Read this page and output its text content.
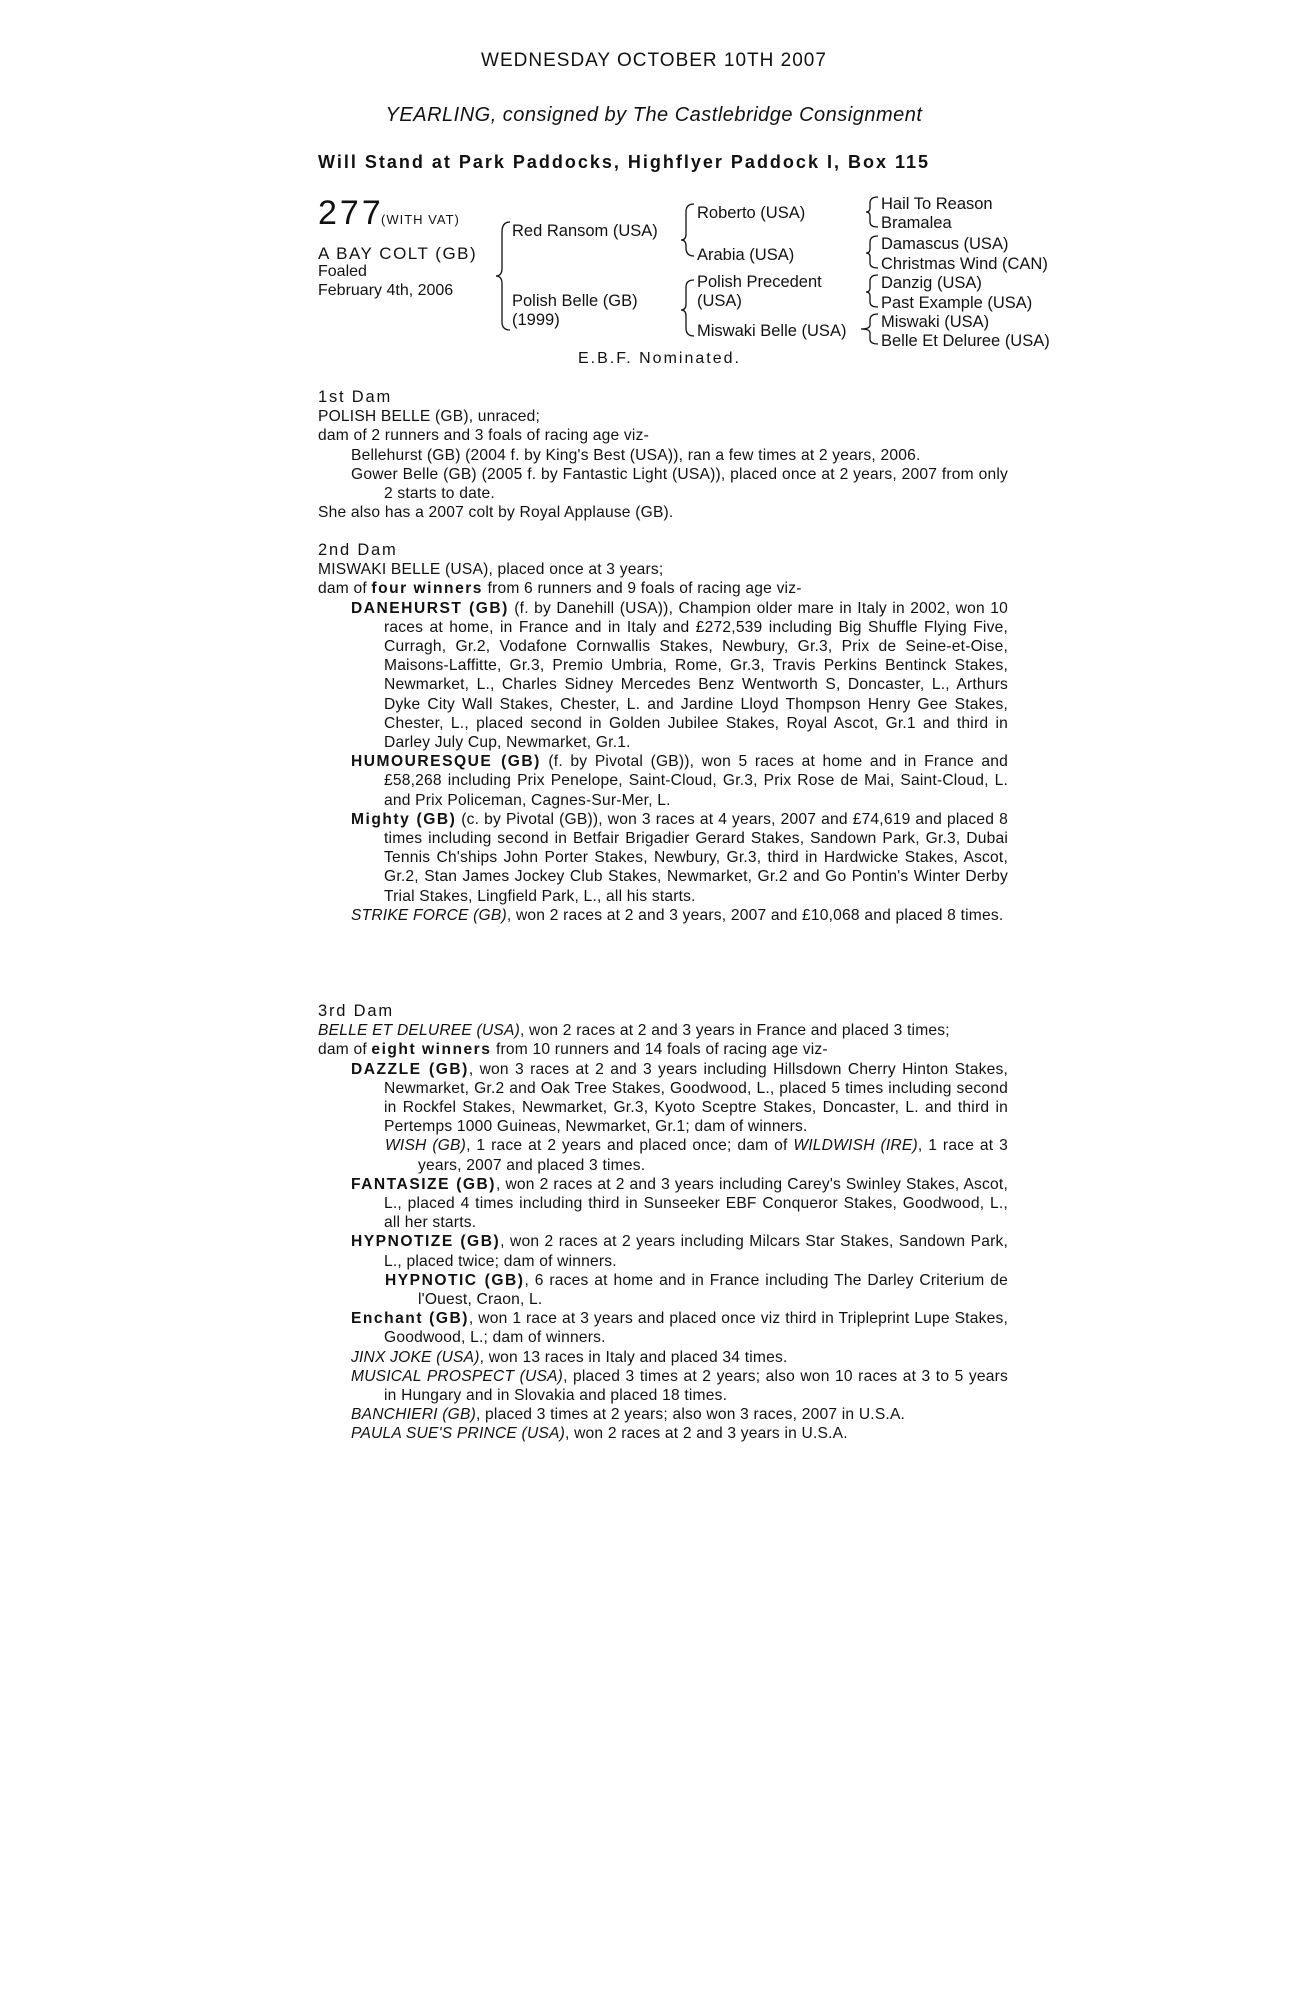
WEDNESDAY OCTOBER 10TH 2007
YEARLING, consigned by The Castlebridge Consignment
Will Stand at Park Paddocks, Highflyer Paddock I, Box 115
277
(WITH VAT)
A BAY COLT (GB)
Foaled
February 4th, 2006
Red Ransom (USA)
Polish Belle (GB)
(1999)
Roberto (USA)
Arabia (USA)
Polish Precedent
(USA)
Miswaki Belle (USA)
Hail To Reason
Bramalea
Damascus (USA)
Christmas Wind (CAN)
Danzig (USA)
Past Example (USA)
Miswaki (USA)
Belle Et Deluree (USA)
E.B.F. Nominated.

1st Dam

POLISH BELLE (GB), unraced;

dam of 2 runners and 3 foals of racing age viz-

Bellehurst (GB) (2004 f. by King's Best (USA)), ran a few times at 2 years, 2006.

Gower Belle (GB) (2005 f. by Fantastic Light (USA)), placed once at 2 years, 2007 from only 2 starts to date.

She also has a 2007 colt by Royal Applause (GB).

2nd Dam

MISWAKI BELLE (USA), placed once at 3 years;

dam of four winners from 6 runners and 9 foals of racing age viz-

DANEHURST (GB) (f. by Danehill (USA)), Champion older mare in Italy in 2002, won 10 races at home, in France and in Italy and £272,539 including Big Shuffle Flying Five, Curragh, Gr.2, Vodafone Cornwallis Stakes, Newbury, Gr.3, Prix de Seine-et-Oise, Maisons-Laffitte, Gr.3, Premio Umbria, Rome, Gr.3, Travis Perkins Bentinck Stakes, Newmarket, L., Charles Sidney Mercedes Benz Wentworth S, Doncaster, L., Arthurs Dyke City Wall Stakes, Chester, L. and Jardine Lloyd Thompson Henry Gee Stakes, Chester, L., placed second in Golden Jubilee Stakes, Royal Ascot, Gr.1 and third in Darley July Cup, Newmarket, Gr.1.

HUMOURESQUE (GB) (f. by Pivotal (GB)), won 5 races at home and in France and £58,268 including Prix Penelope, Saint-Cloud, Gr.3, Prix Rose de Mai, Saint-Cloud, L. and Prix Policeman, Cagnes-Sur-Mer, L.

Mighty (GB) (c. by Pivotal (GB)), won 3 races at 4 years, 2007 and £74,619 and placed 8 times including second in Betfair Brigadier Gerard Stakes, Sandown Park, Gr.3, Dubai Tennis Ch'ships John Porter Stakes, Newbury, Gr.3, third in Hardwicke Stakes, Ascot, Gr.2, Stan James Jockey Club Stakes, Newmarket, Gr.2 and Go Pontin's Winter Derby Trial Stakes, Lingfield Park, L., all his starts.

STRIKE FORCE (GB), won 2 races at 2 and 3 years, 2007 and £10,068 and placed 8 times.

3rd Dam

BELLE ET DELUREE (USA), won 2 races at 2 and 3 years in France and placed 3 times;

dam of eight winners from 10 runners and 14 foals of racing age viz-

DAZZLE (GB), won 3 races at 2 and 3 years including Hillsdown Cherry Hinton Stakes, Newmarket, Gr.2 and Oak Tree Stakes, Goodwood, L., placed 5 times including second in Rockfel Stakes, Newmarket, Gr.3, Kyoto Sceptre Stakes, Doncaster, L. and third in Pertemps 1000 Guineas, Newmarket, Gr.1; dam of winners.

WISH (GB), 1 race at 2 years and placed once; dam of WILDWISH (IRE), 1 race at 3 years, 2007 and placed 3 times.

FANTASIZE (GB), won 2 races at 2 and 3 years including Carey's Swinley Stakes, Ascot, L., placed 4 times including third in Sunseeker EBF Conqueror Stakes, Goodwood, L., all her starts.

HYPNOTIZE (GB), won 2 races at 2 years including Milcars Star Stakes, Sandown Park, L., placed twice; dam of winners.

HYPNOTIC (GB), 6 races at home and in France including The Darley Criterium de l'Ouest, Craon, L.

Enchant (GB), won 1 race at 3 years and placed once viz third in Tripleprint Lupe Stakes, Goodwood, L.; dam of winners.

JINX JOKE (USA), won 13 races in Italy and placed 34 times.

MUSICAL PROSPECT (USA), placed 3 times at 2 years; also won 10 races at 3 to 5 years in Hungary and in Slovakia and placed 18 times.

BANCHIERI (GB), placed 3 times at 2 years; also won 3 races, 2007 in U.S.A.

PAULA SUE'S PRINCE (USA), won 2 races at 2 and 3 years in U.S.A.
